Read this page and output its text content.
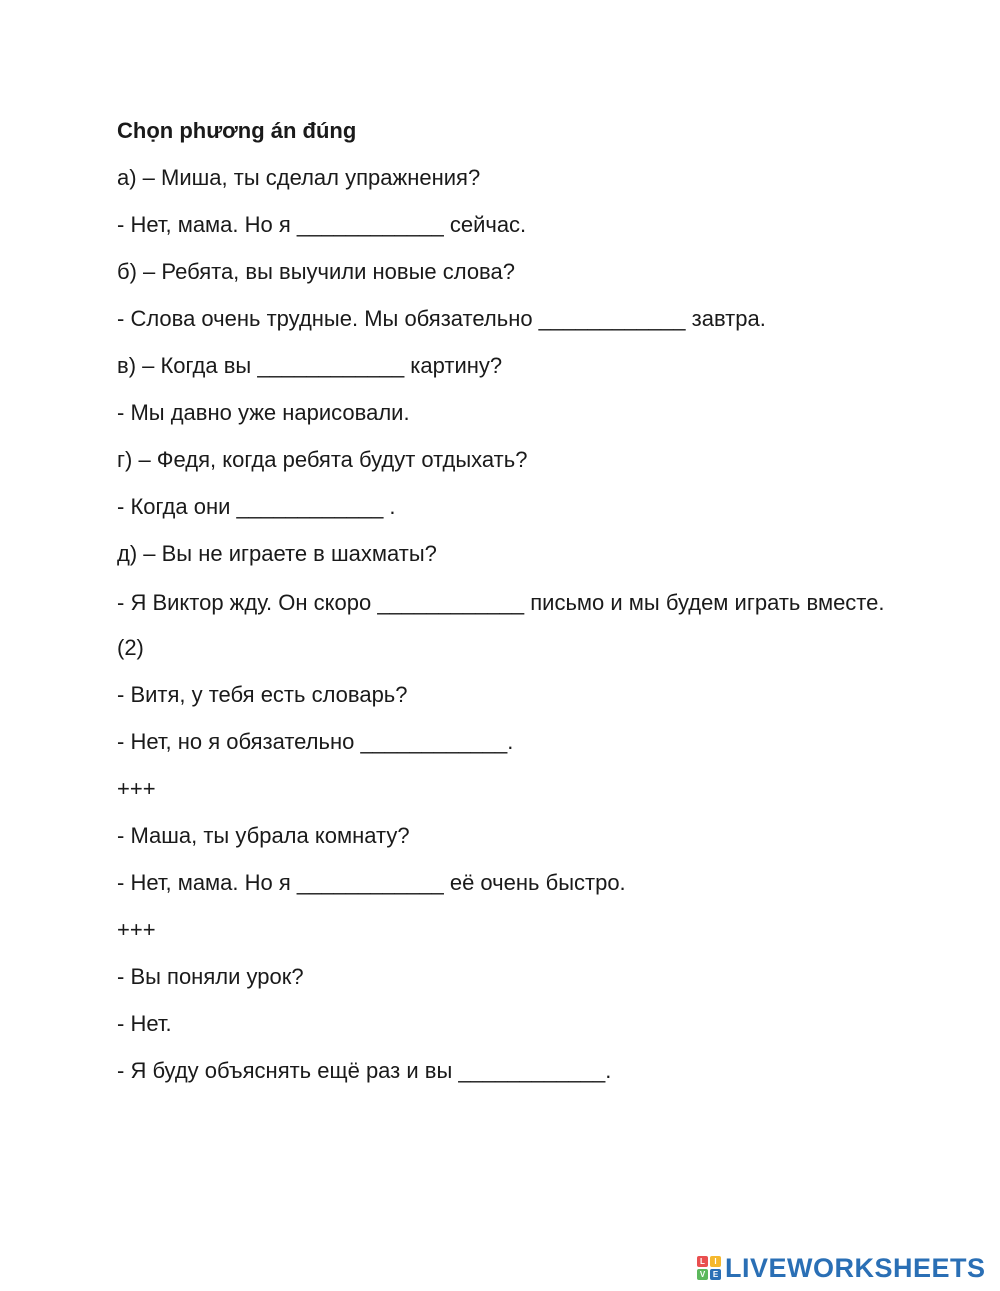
Chọn phương án đúng
а) – Миша, ты сделал упражнения?
- Нет, мама. Но я ____________ сейчас.
б) – Ребята, вы выучили новые слова?
- Слова очень трудные. Мы обязательно ____________ завтра.
в) – Когда вы ____________ картину?
- Мы давно уже нарисовали.
г) – Федя, когда ребята будут отдыхать?
- Когда они ____________ .
д) – Вы не играете в шахматы?
- Я Виктор жду. Он скоро ____________ письмо и мы будем играть вместе.
(2)
- Витя, у тебя есть словарь?
- Нет, но я обязательно ____________.
+++
- Маша, ты убрала комнату?
- Нет, мама. Но я ____________ её очень быстро.
+++
- Вы поняли урок?
- Нет.
- Я буду объяснять ещё раз и вы ____________.
L	I
V E LIVEWORKSHEETS
